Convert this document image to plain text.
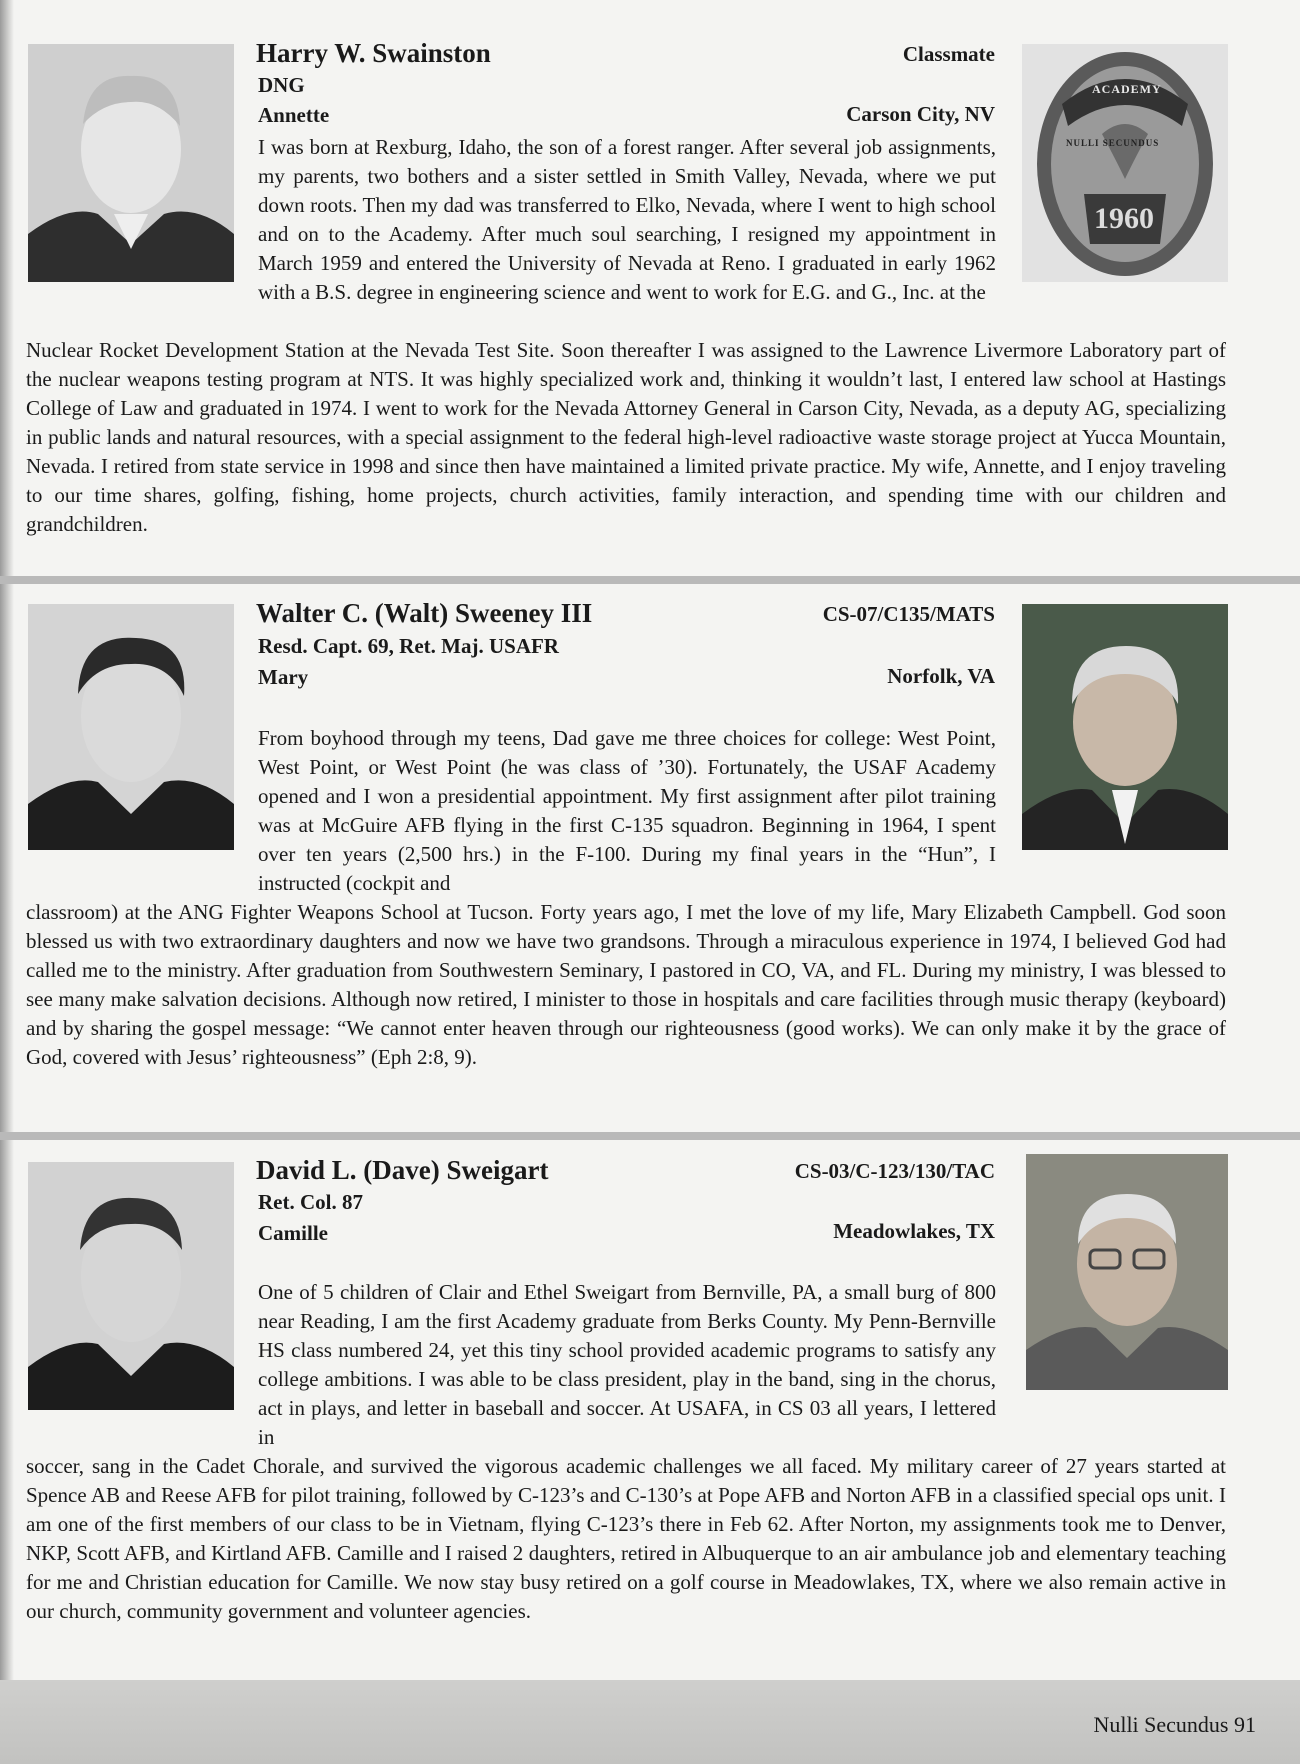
Harry W. Swainston	Classmate
DNG
Annette	Carson City, NV
ACADEMY
NULLI SECUNDUS
1960
I was born at Rexburg, Idaho, the son of a forest ranger. After several job assignments, my parents, two bothers and a sister settled in Smith Valley, Nevada, where we put down roots. Then my dad was transferred to Elko, Nevada, where I went to high school and on to the Academy. After much soul searching, I resigned my appointment in March 1959 and entered the University of Nevada at Reno. I graduated in early 1962 with a B.S. degree in engineering science and went to work for E.G. and G., Inc. at the
Nuclear Rocket Development Station at the Nevada Test Site. Soon thereafter I was assigned to the Lawrence Livermore Laboratory part of the nuclear weapons testing program at NTS. It was highly specialized work and, thinking it wouldn’t last, I entered law school at Hastings College of Law and graduated in 1974. I went to work for the Nevada Attorney General in Carson City, Nevada, as a deputy AG, specializing in public lands and natural resources, with a special assignment to the federal high-level radioactive waste storage project at Yucca Mountain, Nevada. I retired from state service in 1998 and since then have maintained a limited private practice. My wife, Annette, and I enjoy traveling to our time shares, golfing, fishing, home projects, church activities, family interaction, and spending time with our children and grandchildren.
Walter C. (Walt) Sweeney III	CS-07/C135/MATS
Resd. Capt. 69, Ret. Maj. USAFR
Mary	Norfolk, VA
From boyhood through my teens, Dad gave me three choices for college: West Point, West Point, or West Point (he was class of ’30). Fortunately, the USAF Academy opened and I won a presidential appointment. My first assignment after pilot training was at McGuire AFB flying in the first C-135 squadron. Beginning in 1964, I spent over ten years (2,500 hrs.) in the F-100. During my final years in the “Hun”, I instructed (cockpit and
classroom) at the ANG Fighter Weapons School at Tucson. Forty years ago, I met the love of my life, Mary Elizabeth Campbell. God soon blessed us with two extraordinary daughters and now we have two grandsons. Through a miraculous experience in 1974, I believed God had called me to the ministry. After graduation from Southwestern Seminary, I pastored in CO, VA, and FL. During my ministry, I was blessed to see many make salvation decisions. Although now retired, I minister to those in hospitals and care facilities through music therapy (keyboard) and by sharing the gospel message: “We cannot enter heaven through our righteousness (good works). We can only make it by the grace of God, covered with Jesus’ righteousness” (Eph 2:8, 9).
David L. (Dave) Sweigart	CS-03/C-123/130/TAC
Ret. Col. 87
Camille	Meadowlakes, TX
One of 5 children of Clair and Ethel Sweigart from Bernville, PA, a small burg of 800 near Reading, I am the first Academy graduate from Berks County. My Penn-Bernville HS class numbered 24, yet this tiny school provided academic programs to satisfy any college ambitions. I was able to be class president, play in the band, sing in the chorus, act in plays, and letter in baseball and soccer. At USAFA, in CS 03 all years, I lettered in
soccer, sang in the Cadet Chorale, and survived the vigorous academic challenges we all faced. My military career of 27 years started at Spence AB and Reese AFB for pilot training, followed by C-123’s and C-130’s at Pope AFB and Norton AFB in a classified special ops unit. I am one of the first members of our class to be in Vietnam, flying C-123’s there in Feb 62. After Norton, my assignments took me to Denver, NKP, Scott AFB, and Kirtland AFB. Camille and I raised 2 daughters, retired in Albuquerque to an air ambulance job and elementary teaching for me and Christian education for Camille. We now stay busy retired on a golf course in Meadowlakes, TX, where we also remain active in our church, community government and volunteer agencies.
Nulli Secundus 91
